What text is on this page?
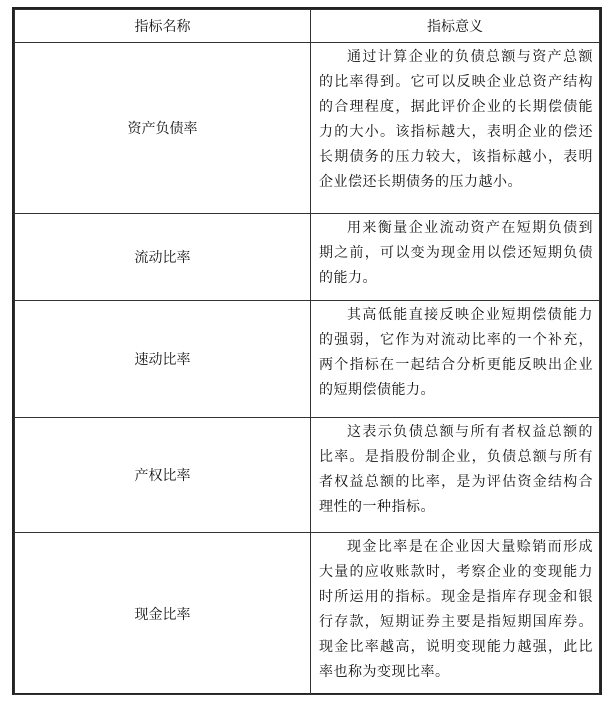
指标名称	指标意义
资产负债率	通过计算企业的负债总额与资产总额的比率得到。它可以反映企业总资产结构的合理程度，据此评价企业的长期偿债能力的大小。该指标越大，表明企业的偿还长期债务的压力较大，该指标越小，表明企业偿还长期债务的压力越小。
流动比率	用来衡量企业流动资产在短期负债到期之前，可以变为现金用以偿还短期负债的能力。
速动比率	其高低能直接反映企业短期偿债能力的强弱，它作为对流动比率的一个补充，两个指标在一起结合分析更能反映出企业的短期偿债能力。
产权比率	这表示负债总额与所有者权益总额的比率。是指股份制企业，负债总额与所有者权益总额的比率，是为评估资金结构合理性的一种指标。
现金比率	现金比率是在企业因大量赊销而形成大量的应收账款时，考察企业的变现能力时所运用的指标。现金是指库存现金和银行存款，短期证券主要是指短期国库券。现金比率越高，说明变现能力越强，此比率也称为变现比率。
